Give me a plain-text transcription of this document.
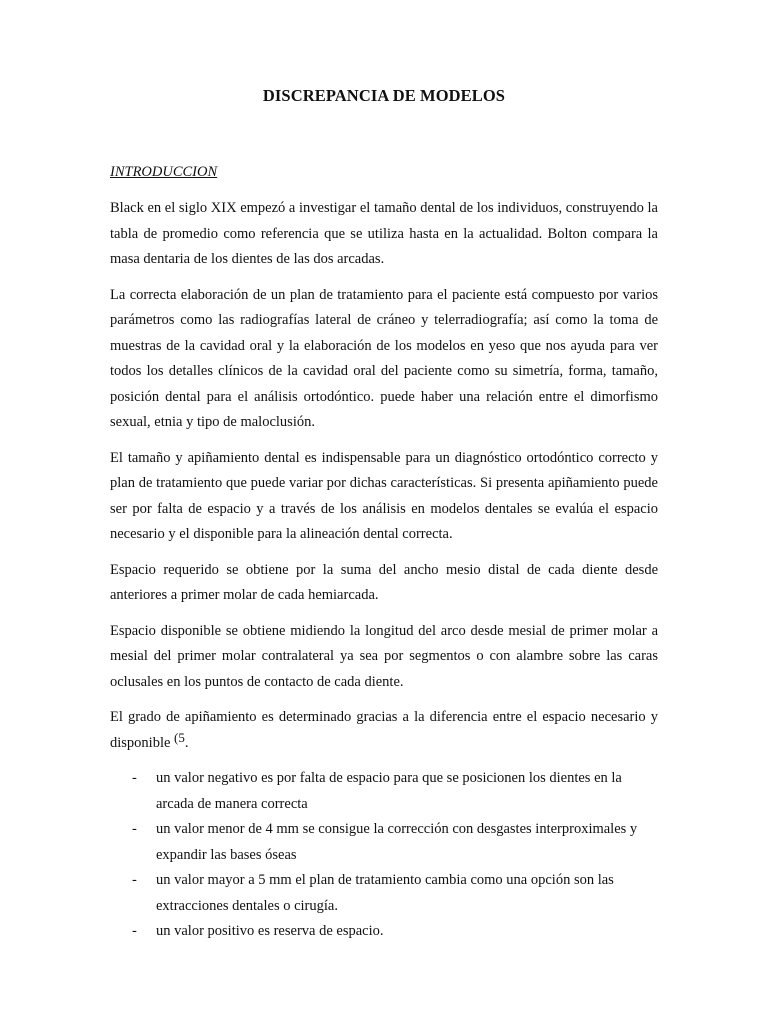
DISCREPANCIA DE MODELOS
INTRODUCCION

Black en el siglo XIX empezó a investigar el tamaño dental de los individuos, construyendo la tabla de promedio como referencia que se utiliza hasta en la actualidad. Bolton compara la masa dentaria de los dientes de las dos arcadas.

La correcta elaboración de un plan de tratamiento para el paciente está compuesto por varios parámetros como las radiografías lateral de cráneo y telerradiografía; así como la toma de muestras de la cavidad oral y la elaboración de los modelos en yeso que nos ayuda para ver todos los detalles clínicos de la cavidad oral del paciente como su simetría, forma, tamaño, posición dental para el análisis ortodóntico. puede haber una relación entre el dimorfismo sexual, etnia y tipo de maloclusión.

El tamaño y apiñamiento dental es indispensable para un diagnóstico ortodóntico correcto y plan de tratamiento que puede variar por dichas características. Si presenta apiñamiento puede ser por falta de espacio y a través de los análisis en modelos dentales se evalúa el espacio necesario y el disponible para la alineación dental correcta.

Espacio requerido se obtiene por la suma del ancho mesio distal de cada diente desde anteriores a primer molar de cada hemiarcada.

Espacio disponible se obtiene midiendo la longitud del arco desde mesial de primer molar a mesial del primer molar contralateral ya sea por segmentos o con alambre sobre las caras oclusales en los puntos de contacto de cada diente.

El grado de apiñamiento es determinado gracias a la diferencia entre el espacio necesario y disponible $^{(5}$.

- un valor negativo es por falta de espacio para que se posicionen los dientes en la arcada de manera correcta
- un valor menor de 4 mm se consigue la corrección con desgastes interproximales y expandir las bases óseas
- un valor mayor a 5 mm el plan de tratamiento cambia como una opción son las extracciones dentales o cirugía.
- un valor positivo es reserva de espacio.
